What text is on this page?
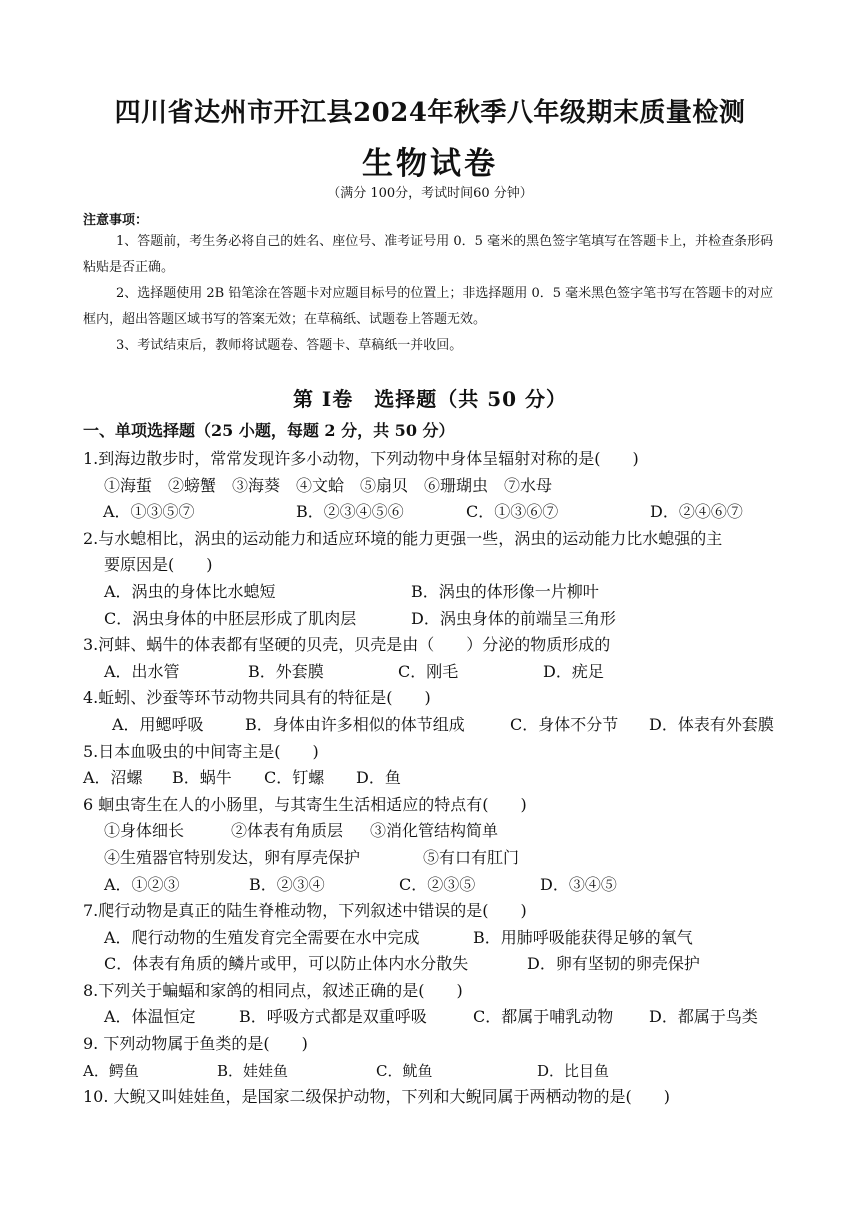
四川省达州市开江县2024年秋季八年级期末质量检测
生物试卷
（满分 100分，考试时间60 分钟）
注意事项：
1、答题前，考生务必将自己的姓名、座位号、准考证号用 0．5 毫米的黑色签字笔填写在答题卡上，并检查条形码粘贴是否正确。
2、选择题使用 2B 铅笔涂在答题卡对应题目标号的位置上；非选择题用 0．5 毫米黑色签字笔书写在答题卡的对应框内，超出答题区域书写的答案无效；在草稿纸、试题卷上答题无效。
3、考试结束后，教师将试题卷、答题卡、草稿纸一并收回。
第 Ⅰ卷　选择题（共 50 分）
一、单项选择题（25 小题，每题 2 分，共 50 分）
1.到海边散步时，常常发现许多小动物，下列动物中身体呈辐射对称的是(　　)
①海蜇　②螃蟹　③海葵　④文蛤　⑤扇贝　⑥珊瑚虫　⑦水母
A．①③⑤⑦	B．②③④⑤⑥	C．①③⑥⑦	D．②④⑥⑦
2.与水螅相比，涡虫的运动能力和适应环境的能力更强一些，涡虫的运动能力比水螅强的主
要原因是(　　)
A．涡虫的身体比水螅短	B．涡虫的体形像一片柳叶
C．涡虫身体的中胚层形成了肌肉层	D．涡虫身体的前端呈三角形
3.河蚌、蜗牛的体表都有坚硬的贝壳，贝壳是由（　　）分泌的物质形成的
A．出水管	B．外套膜	C．刚毛	D．疣足
4.蚯蚓、沙蚕等环节动物共同具有的特征是(　　)
A．用鳃呼吸	B．身体由许多相似的体节组成	C．身体不分节 D．体表有外套膜
5.日本血吸虫的中间寄主是(　　)
A．沼螺 B．蜗牛 C．钉螺 D．鱼
6 蛔虫寄生在人的小肠里，与其寄生生活相适应的特点有(　　)
①身体细长	②体表有角质层 ③消化管结构简单
④生殖器官特别发达，卵有厚壳保护	⑤有口有肛门
A．①②③	B．②③④	C．②③⑤	D．③④⑤
7.爬行动物是真正的陆生脊椎动物，下列叙述中错误的是(　　)
A．爬行动物的生殖发育完全需要在水中完成	B．用肺呼吸能获得足够的氧气
C．体表有角质的鳞片或甲，可以防止体内水分散失	D．卵有坚韧的卵壳保护
8.下列关于蝙蝠和家鸽的相同点，叙述正确的是(　　)
A．体温恒定	B．呼吸方式都是双重呼吸	C．都属于哺乳动物 D．都属于鸟类
9. 下列动物属于鱼类的是(　　)
A．鳄鱼	B．娃娃鱼	C．鱿鱼	D．比目鱼
10. 大鲵又叫娃娃鱼，是国家二级保护动物，下列和大鲵同属于两栖动物的是(　　)
